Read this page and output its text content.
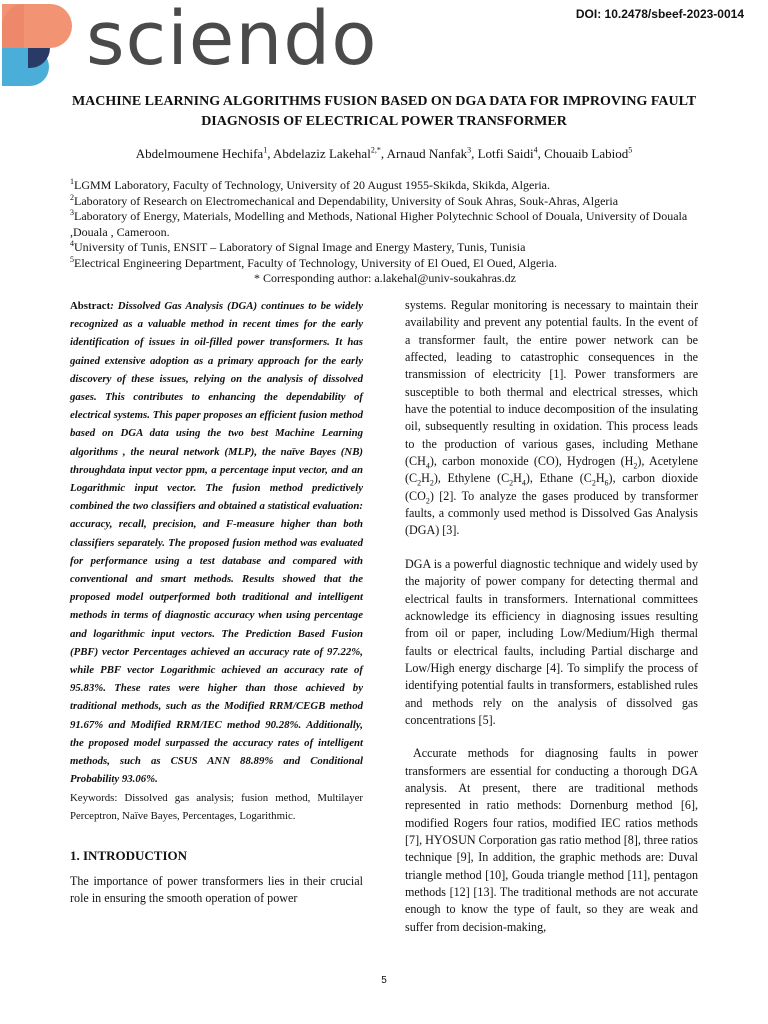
sciendo	DOI: 10.2478/sbeef-2023-0014
MACHINE LEARNING ALGORITHMS FUSION BASED ON DGA DATA FOR IMPROVING FAULT DIAGNOSIS OF ELECTRICAL POWER TRANSFORMER
Abdelmoumene Hechifa$^1$, Abdelaziz Lakehal$^{2,*}$, Arnaud Nanfak$^3$, Lotfi Saidi$^4$, Chouaib Labiod$^5$

$^1$LGMM Laboratory, Faculty of Technology, University of 20 August 1955-Skikda, Skikda, Algeria.

$^2$Laboratory of Research on Electromechanical and Dependability, University of Souk Ahras, Souk-Ahras, Algeria

$^3$Laboratory of Energy, Materials, Modelling and Methods, National Higher Polytechnic School of Douala, University of Douala ,Douala , Cameroon.

$^4$University of Tunis, ENSIT – Laboratory of Signal Image and Energy Mastery, Tunis, Tunisia

$^5$Electrical Engineering Department, Faculty of Technology, University of El Oued, El Oued, Algeria.

* Corresponding author: a.lakehal@univ-soukahras.dz

Abstract: Dissolved Gas Analysis (DGA) continues to be widely recognized as a valuable method in recent times for the early identification of issues in oil-filled power transformers. It has gained extensive adoption as a primary approach for the early discovery of these issues, relying on the analysis of dissolved gases. This contributes to enhancing the dependability of electrical systems. This paper proposes an efficient fusion method based on DGA data using the two best Machine Learning algorithms , the neural network (MLP), the naïve Bayes (NB) throughdata input vector ppm, a percentage input vector, and an Logarithmic input vector. The fusion method predictively combined the two classifiers and obtained a statistical evaluation: accuracy, recall, precision, and F-measure higher than both classifiers separately. The proposed fusion method was evaluated for performance using a test database and compared with conventional and smart methods. Results showed that the proposed model outperformed both traditional and intelligent methods in terms of diagnostic accuracy when using percentage and logarithmic input vectors. The Prediction Based Fusion (PBF) vector Percentages achieved an accuracy rate of 97.22%, while PBF vector Logarithmic achieved an accuracy rate of 95.83%. These rates were higher than those achieved by traditional methods, such as the Modified RRM/CEGB method 91.67% and Modified RRM/IEC method 90.28%. Additionally, the proposed model surpassed the accuracy rates of intelligent methods, such as CSUS ANN 88.89% and Conditional Probability 93.06%.

Keywords: Dissolved gas analysis; fusion method, Multilayer Perceptron, Naïve Bayes, Percentages, Logarithmic.

1. INTRODUCTION

The importance of power transformers lies in their crucial role in ensuring the smooth operation of power

systems. Regular monitoring is necessary to maintain their availability and prevent any potential faults. In the event of a transformer fault, the entire power network can be affected, leading to catastrophic consequences in the transmission of electricity [1]. Power transformers are susceptible to both thermal and electrical stresses, which have the potential to induce decomposition of the insulating oil, subsequently resulting in oxidation. This process leads to the production of various gases, including Methane $(CH_4)$, carbon monoxide (CO), Hydrogen $(H_2)$, Acetylene $(C_2H_2)$, Ethylene $(C_2H_4)$, Ethane $(C_2H_6)$, carbon dioxide $(CO_2)$ [2]. To analyze the gases produced by transformer faults, a commonly used method is Dissolved Gas Analysis (DGA) [3].

DGA is a powerful diagnostic technique and widely used by the majority of power company for detecting thermal and electrical faults in transformers. International committees acknowledge its efficiency in diagnosing issues resulting from oil or paper, including Low/Medium/High thermal faults or electrical faults, including Partial discharge and Low/High energy discharge [4]. To simplify the process of identifying potential faults in transformers, established rules and methods rely on the analysis of dissolved gas concentrations [5].

Accurate methods for diagnosing faults in power transformers are essential for conducting a thorough DGA analysis. At present, there are traditional methods represented in ratio methods: Dornenburg method [6], modified Rogers four ratios, modified IEC ratios methods [7], HYOSUN Corporation gas ratio method [8], three ratios technique [9], In addition, the graphic methods are: Duval triangle method [10], Gouda triangle method [11], pentagon methods [12] [13]. The traditional methods are not accurate enough to know the type of fault, so they are weak and suffer from decision-making,

5
